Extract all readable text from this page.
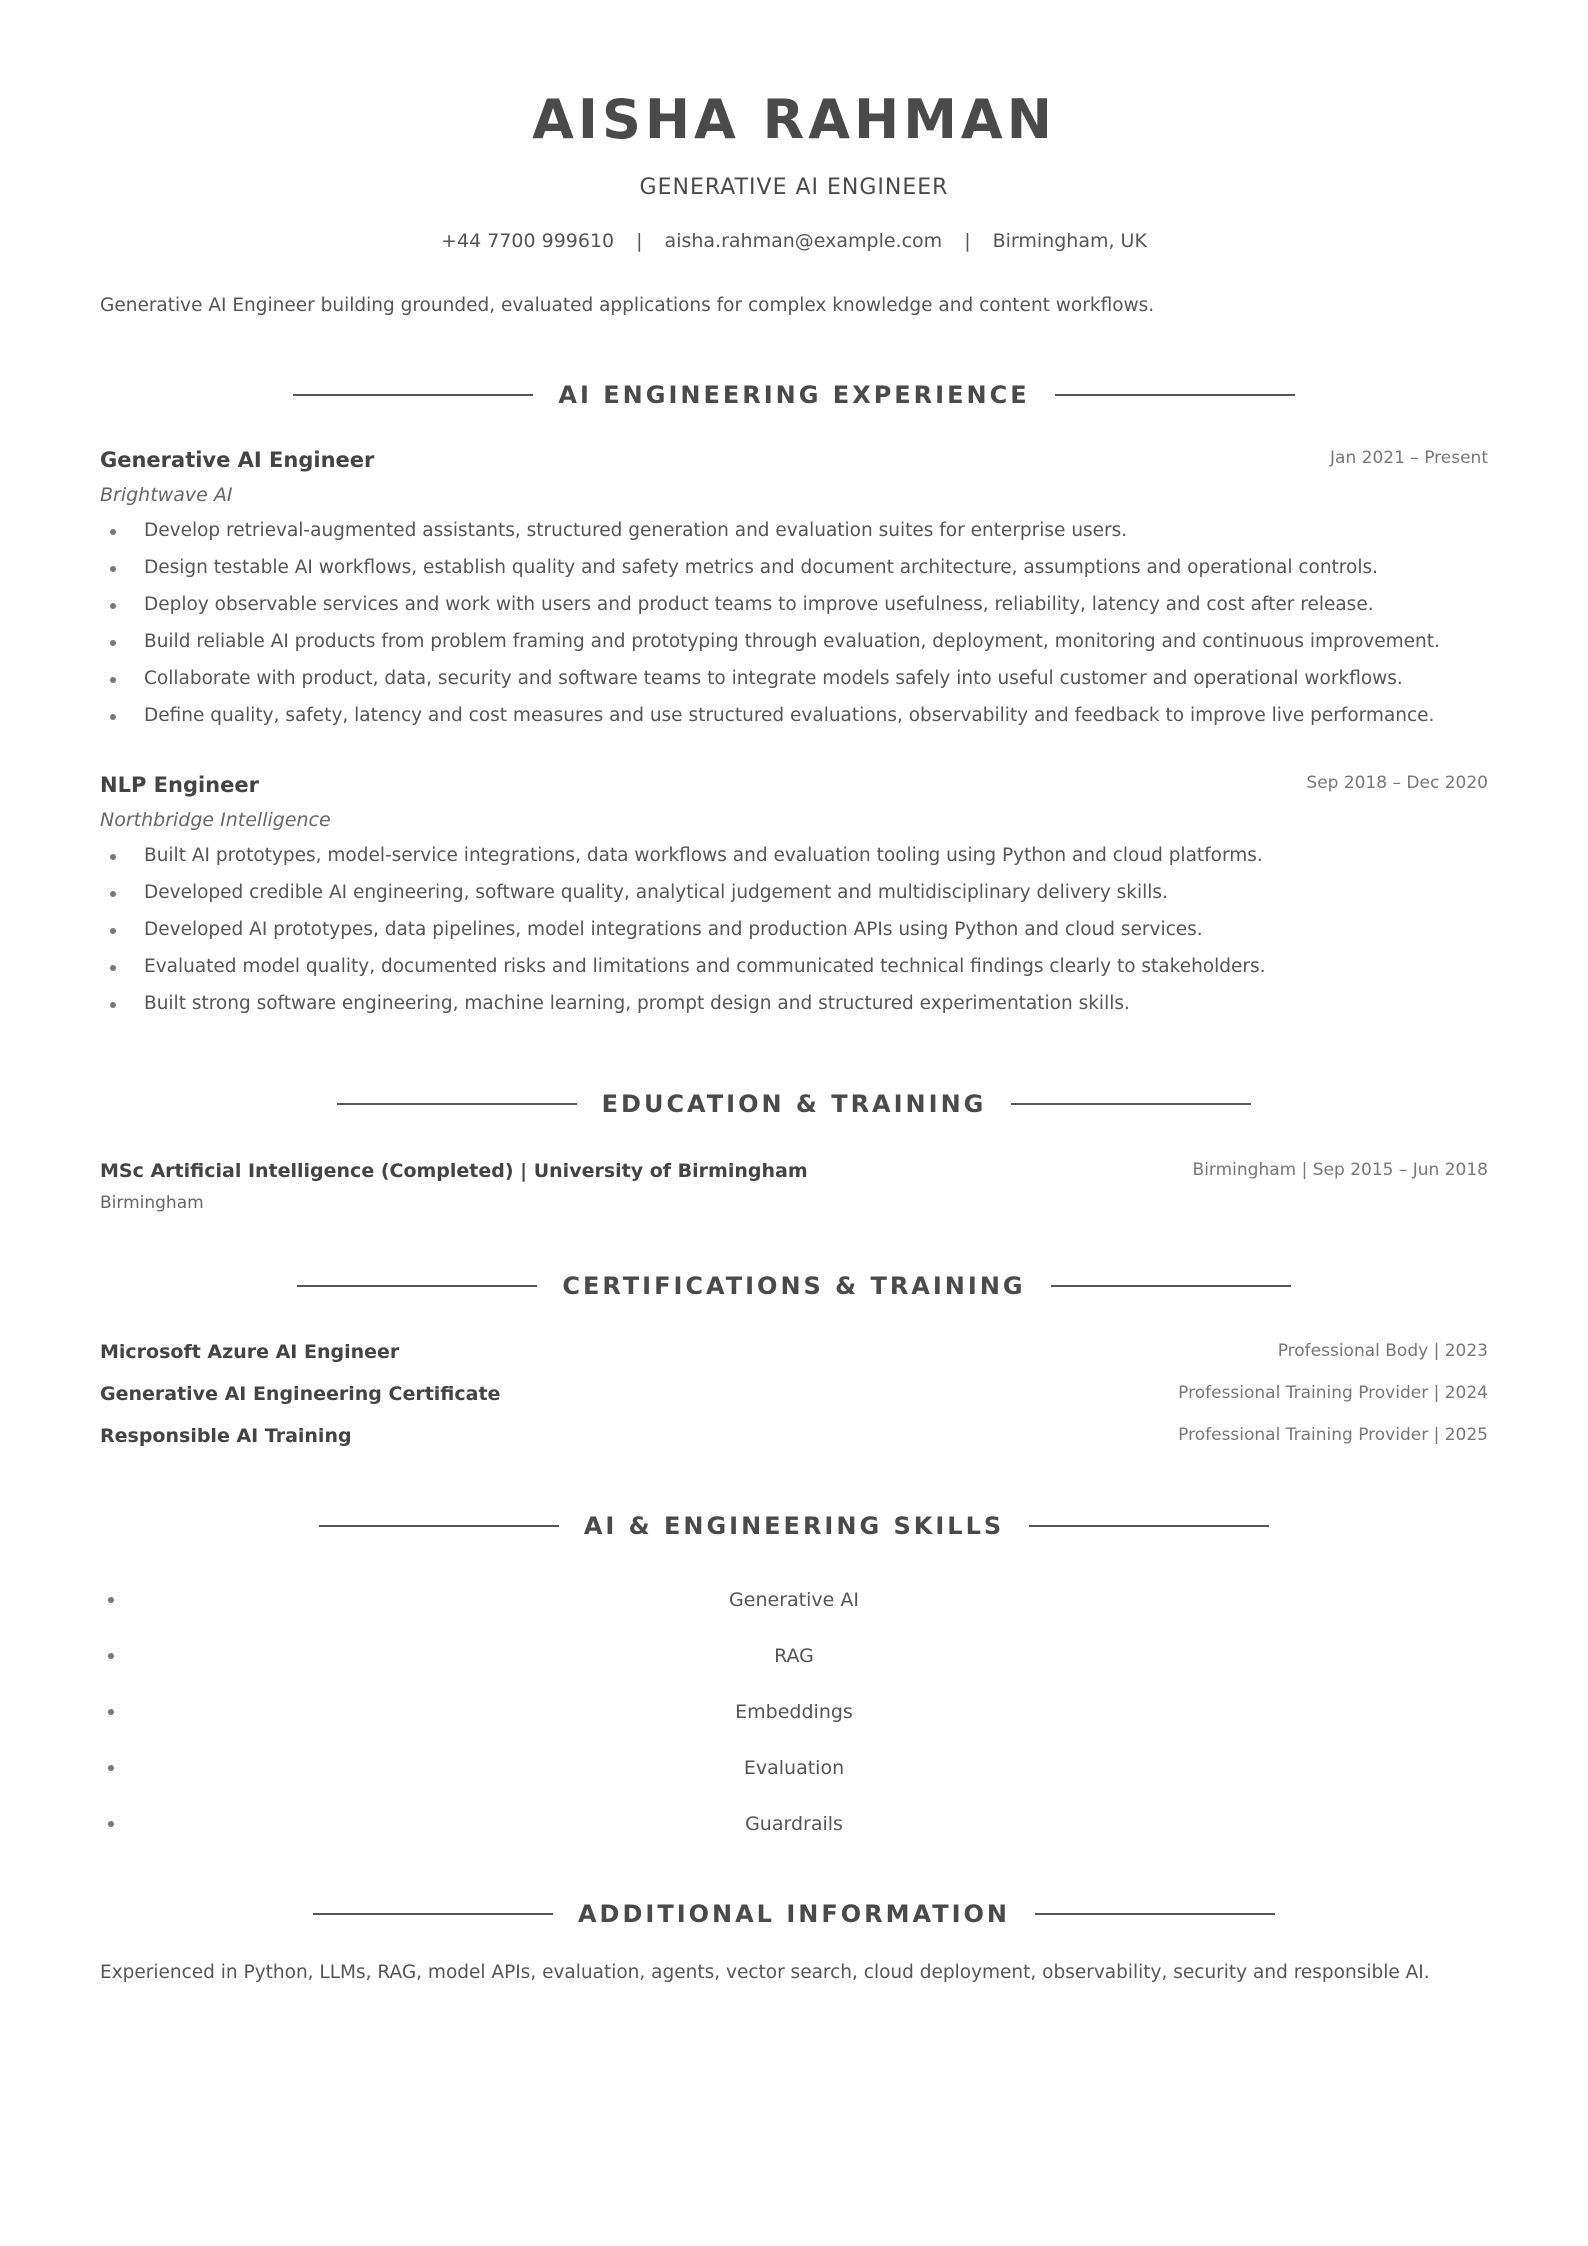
AISHA RAHMAN
GENERATIVE AI ENGINEER
+44 7700 999610 | aisha.rahman@example.com | Birmingham, UK
Generative AI Engineer building grounded, evaluated applications for complex knowledge and content workflows.
AI ENGINEERING EXPERIENCE
Generative AI Engineer	Jan 2021 – Present
Brightwave AI
Develop retrieval-augmented assistants, structured generation and evaluation suites for enterprise users.
Design testable AI workflows, establish quality and safety metrics and document architecture, assumptions and operational controls.
Deploy observable services and work with users and product teams to improve usefulness, reliability, latency and cost after release.
Build reliable AI products from problem framing and prototyping through evaluation, deployment, monitoring and continuous improvement.
Collaborate with product, data, security and software teams to integrate models safely into useful customer and operational workflows.
Define quality, safety, latency and cost measures and use structured evaluations, observability and feedback to improve live performance.
NLP Engineer	Sep 2018 – Dec 2020
Northbridge Intelligence
Built AI prototypes, model-service integrations, data workflows and evaluation tooling using Python and cloud platforms.
Developed credible AI engineering, software quality, analytical judgement and multidisciplinary delivery skills.
Developed AI prototypes, data pipelines, model integrations and production APIs using Python and cloud services.
Evaluated model quality, documented risks and limitations and communicated technical findings clearly to stakeholders.
Built strong software engineering, machine learning, prompt design and structured experimentation skills.
EDUCATION & TRAINING
MSc Artificial Intelligence (Completed) | University of Birmingham	Birmingham | Sep 2015 – Jun 2018
Birmingham
CERTIFICATIONS & TRAINING
Microsoft Azure AI Engineer	Professional Body | 2023
Generative AI Engineering Certificate	Professional Training Provider | 2024
Responsible AI Training	Professional Training Provider | 2025
AI & ENGINEERING SKILLS
Generative AI
RAG
Embeddings
Evaluation
Guardrails
ADDITIONAL INFORMATION
Experienced in Python, LLMs, RAG, model APIs, evaluation, agents, vector search, cloud deployment, observability, security and responsible AI.
